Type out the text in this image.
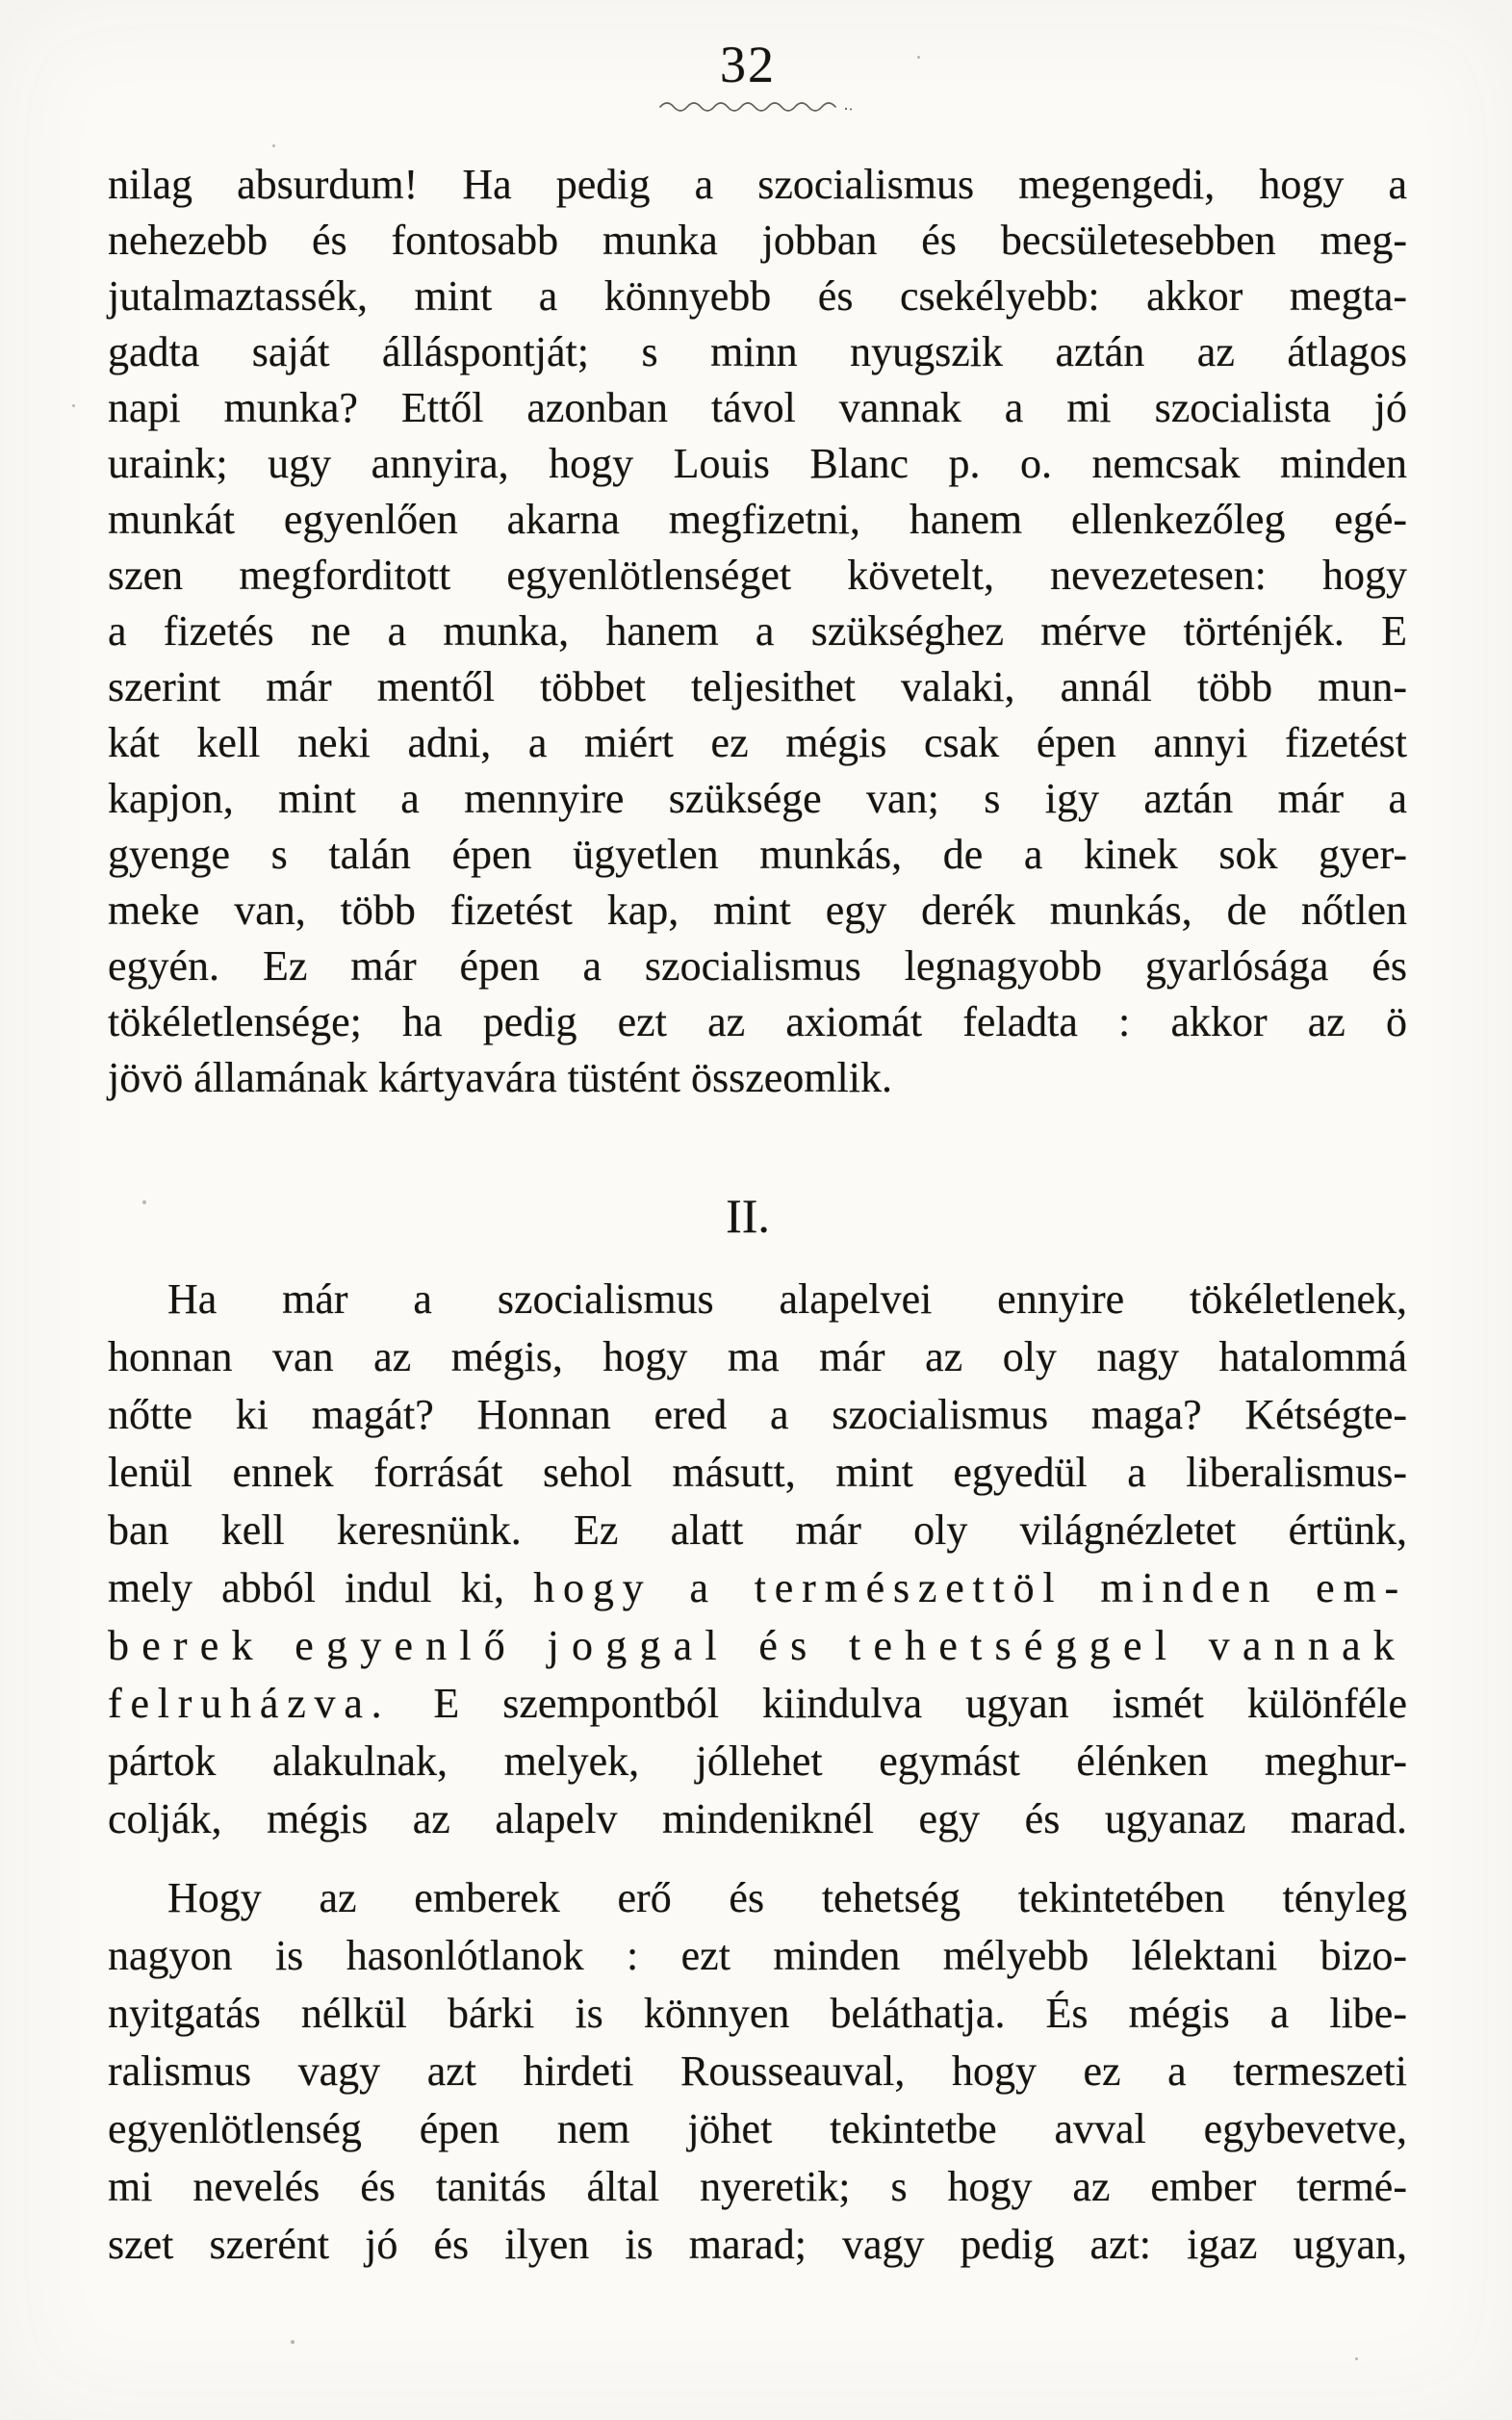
32
nilag absurdum! Ha pedig a szocialismus megengedi, hogy a
nehezebb és fontosabb munka jobban és becsületesebben meg-
jutalmaztassék, mint a könnyebb és csekélyebb: akkor megta-
gadta saját álláspontját; s minn nyugszik aztán az átlagos
napi munka? Ettől azonban távol vannak a mi szocialista jó
uraink; ugy annyira, hogy Louis Blanc p. o. nemcsak minden
munkát egyenlően akarna megfizetni, hanem ellenkezőleg egé-
szen megforditott egyenlötlenséget követelt, nevezetesen: hogy
a fizetés ne a munka, hanem a szükséghez mérve történjék. E
szerint már mentől többet teljesithet valaki, annál több mun-
kát kell neki adni, a miért ez mégis csak épen annyi fizetést
kapjon, mint a mennyire szüksége van; s igy aztán már a
gyenge s talán épen ügyetlen munkás, de a kinek sok gyer-
meke van, több fizetést kap, mint egy derék munkás, de nőtlen
egyén. Ez már épen a szocialismus legnagyobb gyarlósága és
tökéletlensége; ha pedig ezt az axiomát feladta : akkor az ö
jövö államának kártyavára tüstént összeomlik.
II.
Ha már a szocialismus alapelvei ennyire tökéletlenek,
honnan van az mégis, hogy ma már az oly nagy hatalommá
nőtte ki magát? Honnan ered a szocialismus maga? Kétségte-
lenül ennek forrását sehol másutt, mint egyedül a liberalismus-
ban kell keresnünk. Ez alatt már oly világnézletet értünk,
mely abból indul ki, hogy a természettöl minden em-
berek egyenlő joggal és tehetséggel vannak
felruházva. E szempontból kiindulva ugyan ismét különféle
pártok alakulnak, melyek, jóllehet egymást élénken meghur-
colják, mégis az alapelv mindeniknél egy és ugyanaz marad.
Hogy az emberek erő és tehetség tekintetében tényleg
nagyon is hasonlótlanok : ezt minden mélyebb lélektani bizo-
nyitgatás nélkül bárki is könnyen beláthatja. És mégis a libe-
ralismus vagy azt hirdeti Rousseauval, hogy ez a termeszeti
egyenlötlenség épen nem jöhet tekintetbe avval egybevetve,
mi nevelés és tanitás által nyeretik; s hogy az ember termé-
szet szerént jó és ilyen is marad; vagy pedig azt: igaz ugyan,
